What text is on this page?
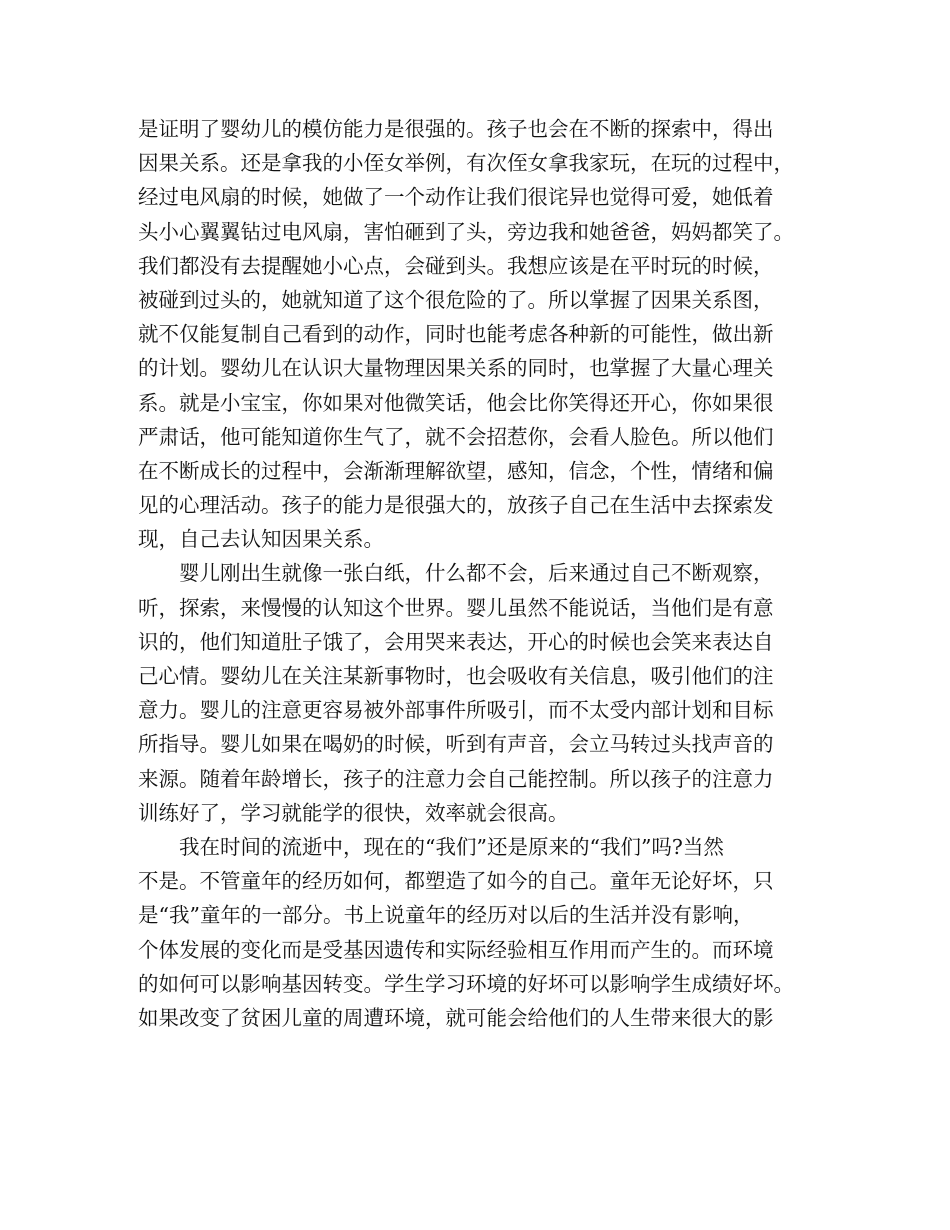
是证明了婴幼儿的模仿能力是很强的。孩子也会在不断的探索中，得出
因果关系。还是拿我的小侄女举例，有次侄女拿我家玩，在玩的过程中，
经过电风扇的时候，她做了一个动作让我们很诧异也觉得可爱，她低着
头小心翼翼钻过电风扇，害怕砸到了头，旁边我和她爸爸，妈妈都笑了。
我们都没有去提醒她小心点，会碰到头。我想应该是在平时玩的时候，
被碰到过头的，她就知道了这个很危险的了。所以掌握了因果关系图，
就不仅能复制自己看到的动作，同时也能考虑各种新的可能性，做出新
的计划。婴幼儿在认识大量物理因果关系的同时，也掌握了大量心理关
系。就是小宝宝，你如果对他微笑话，他会比你笑得还开心，你如果很
严肃话，他可能知道你生气了，就不会招惹你，会看人脸色。所以他们
在不断成长的过程中，会渐渐理解欲望，感知，信念，个性，情绪和偏
见的心理活动。孩子的能力是很强大的，放孩子自己在生活中去探索发
现，自己去认知因果关系。
　　婴儿刚出生就像一张白纸，什么都不会，后来通过自己不断观察，
听，探索，来慢慢的认知这个世界。婴儿虽然不能说话，当他们是有意
识的，他们知道肚子饿了，会用哭来表达，开心的时候也会笑来表达自
己心情。婴幼儿在关注某新事物时，也会吸收有关信息，吸引他们的注
意力。婴儿的注意更容易被外部事件所吸引，而不太受内部计划和目标
所指导。婴儿如果在喝奶的时候，听到有声音，会立马转过头找声音的
来源。随着年龄增长，孩子的注意力会自己能控制。所以孩子的注意力
训练好了，学习就能学的很快，效率就会很高。
　　我在时间的流逝中，现在的“我们”还是原来的“我们”吗?当然
不是。不管童年的经历如何，都塑造了如今的自己。童年无论好坏，只
是“我”童年的一部分。书上说童年的经历对以后的生活并没有影响，
个体发展的变化而是受基因遗传和实际经验相互作用而产生的。而环境
的如何可以影响基因转变。学生学习环境的好坏可以影响学生成绩好坏。
如果改变了贫困儿童的周遭环境，就可能会给他们的人生带来很大的影
